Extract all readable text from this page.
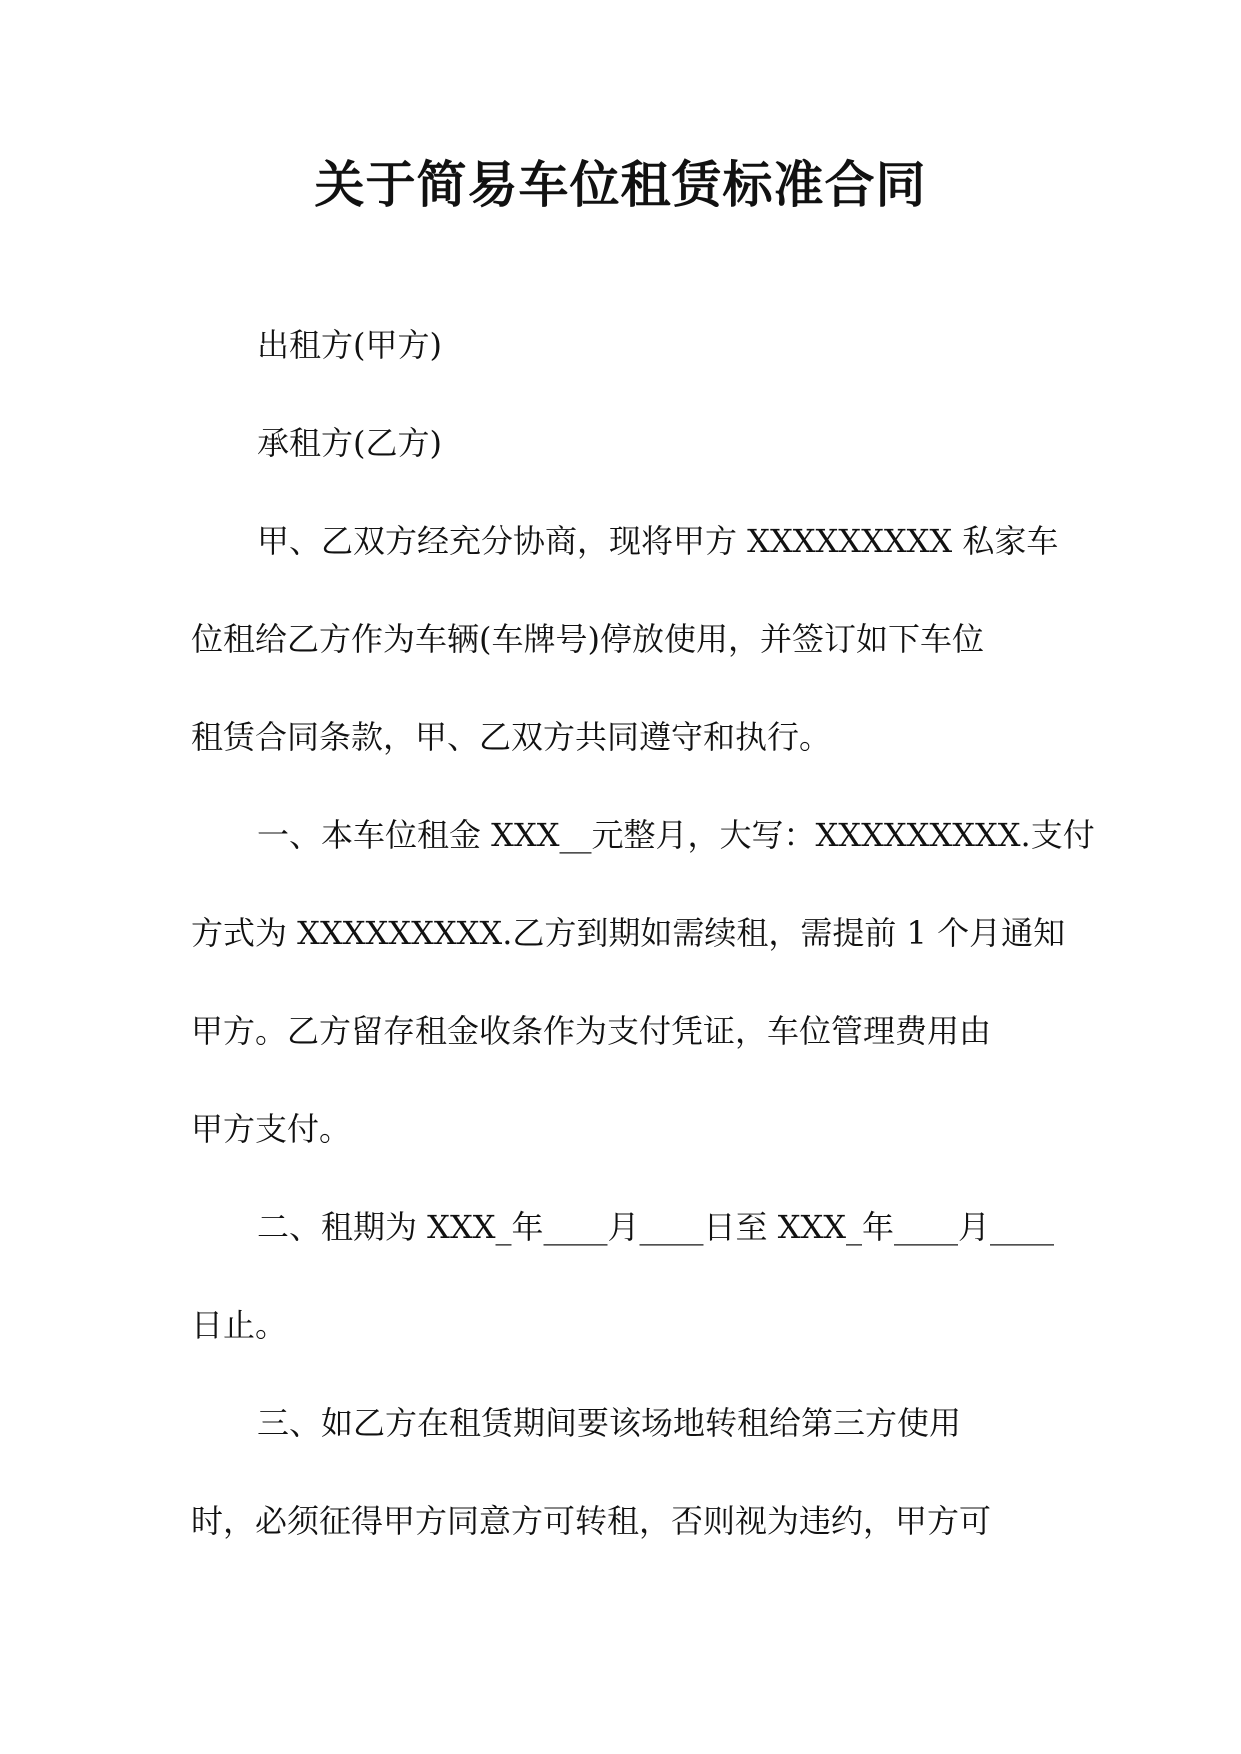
关于简易车位租赁标准合同
出租方(甲方)
承租方(乙方)
甲、乙双方经充分协商，现将甲方 XXXXXXXXX 私家车
位租给乙方作为车辆(车牌号)停放使用，并签订如下车位
租赁合同条款，甲、乙双方共同遵守和执行。
一、本车位租金 XXX__元整月，大写：XXXXXXXXX.支付
方式为 XXXXXXXXX.乙方到期如需续租，需提前 1 个月通知
甲方。乙方留存租金收条作为支付凭证，车位管理费用由
甲方支付。
二、租期为 XXX_年____月____日至 XXX_年____月____
日止。
三、如乙方在租赁期间要该场地转租给第三方使用
时，必须征得甲方同意方可转租，否则视为违约，甲方可
